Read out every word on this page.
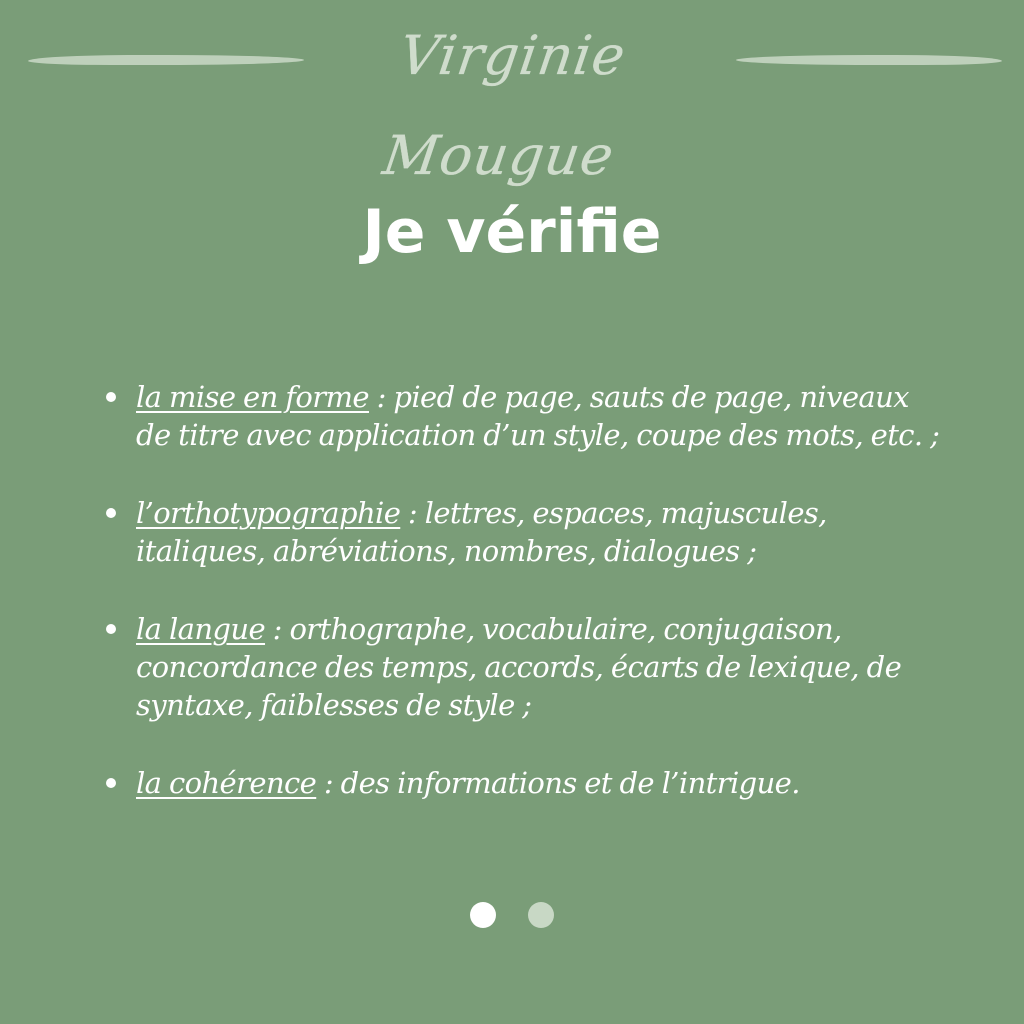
Virginie Mougue
Je vérifie
la mise en forme : pied de page, sauts de page, niveaux de titre avec application d’un style, coupe des mots, etc. ;
l’orthotypographie : lettres, espaces, majuscules, italiques, abréviations, nombres, dialogues ;
la langue : orthographe, vocabulaire, conjugaison, concordance des temps, accords, écarts de lexique, de syntaxe, faiblesses de style ;
la cohérence : des informations et de l’intrigue.
